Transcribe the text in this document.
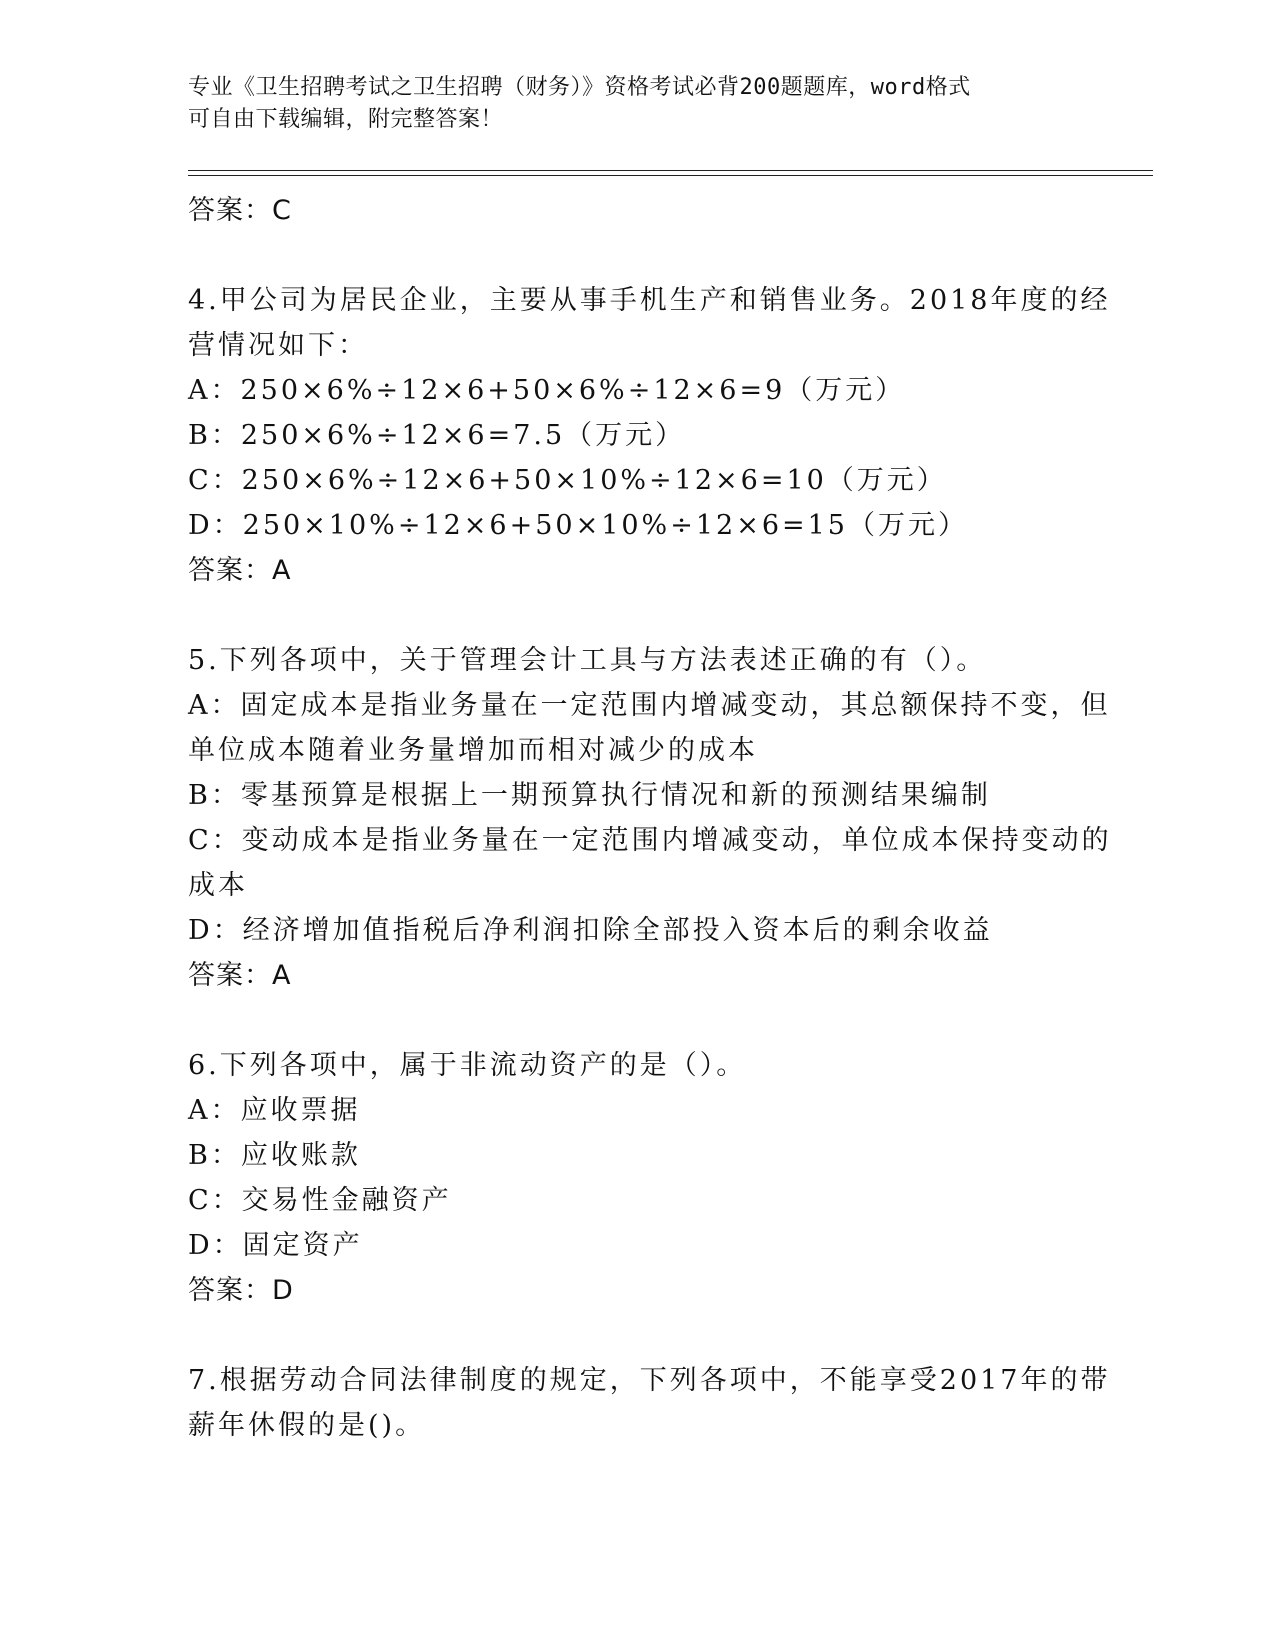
专业《卫生招聘考试之卫生招聘（财务）》资格考试必背200题题库，word格式
可自由下载编辑，附完整答案！
答案：C
4.甲公司为居民企业，主要从事手机生产和销售业务。2018年度的经
营情况如下：
A：250×6%÷12×6+50×6%÷12×6=9（万元）
B：250×6%÷12×6=7.5（万元）
C：250×6%÷12×6+50×10%÷12×6=10（万元）
D：250×10%÷12×6+50×10%÷12×6=15（万元）
答案：A
5.下列各项中，关于管理会计工具与方法表述正确的有（）。
A：固定成本是指业务量在一定范围内增减变动，其总额保持不变，但
单位成本随着业务量增加而相对减少的成本
B：零基预算是根据上一期预算执行情况和新的预测结果编制
C：变动成本是指业务量在一定范围内增减变动，单位成本保持变动的
成本
D：经济增加值指税后净利润扣除全部投入资本后的剩余收益
答案：A
6.下列各项中，属于非流动资产的是（）。
A：应收票据
B：应收账款
C：交易性金融资产
D：固定资产
答案：D
7.根据劳动合同法律制度的规定，下列各项中，不能享受2017年的带
薪年休假的是()。
